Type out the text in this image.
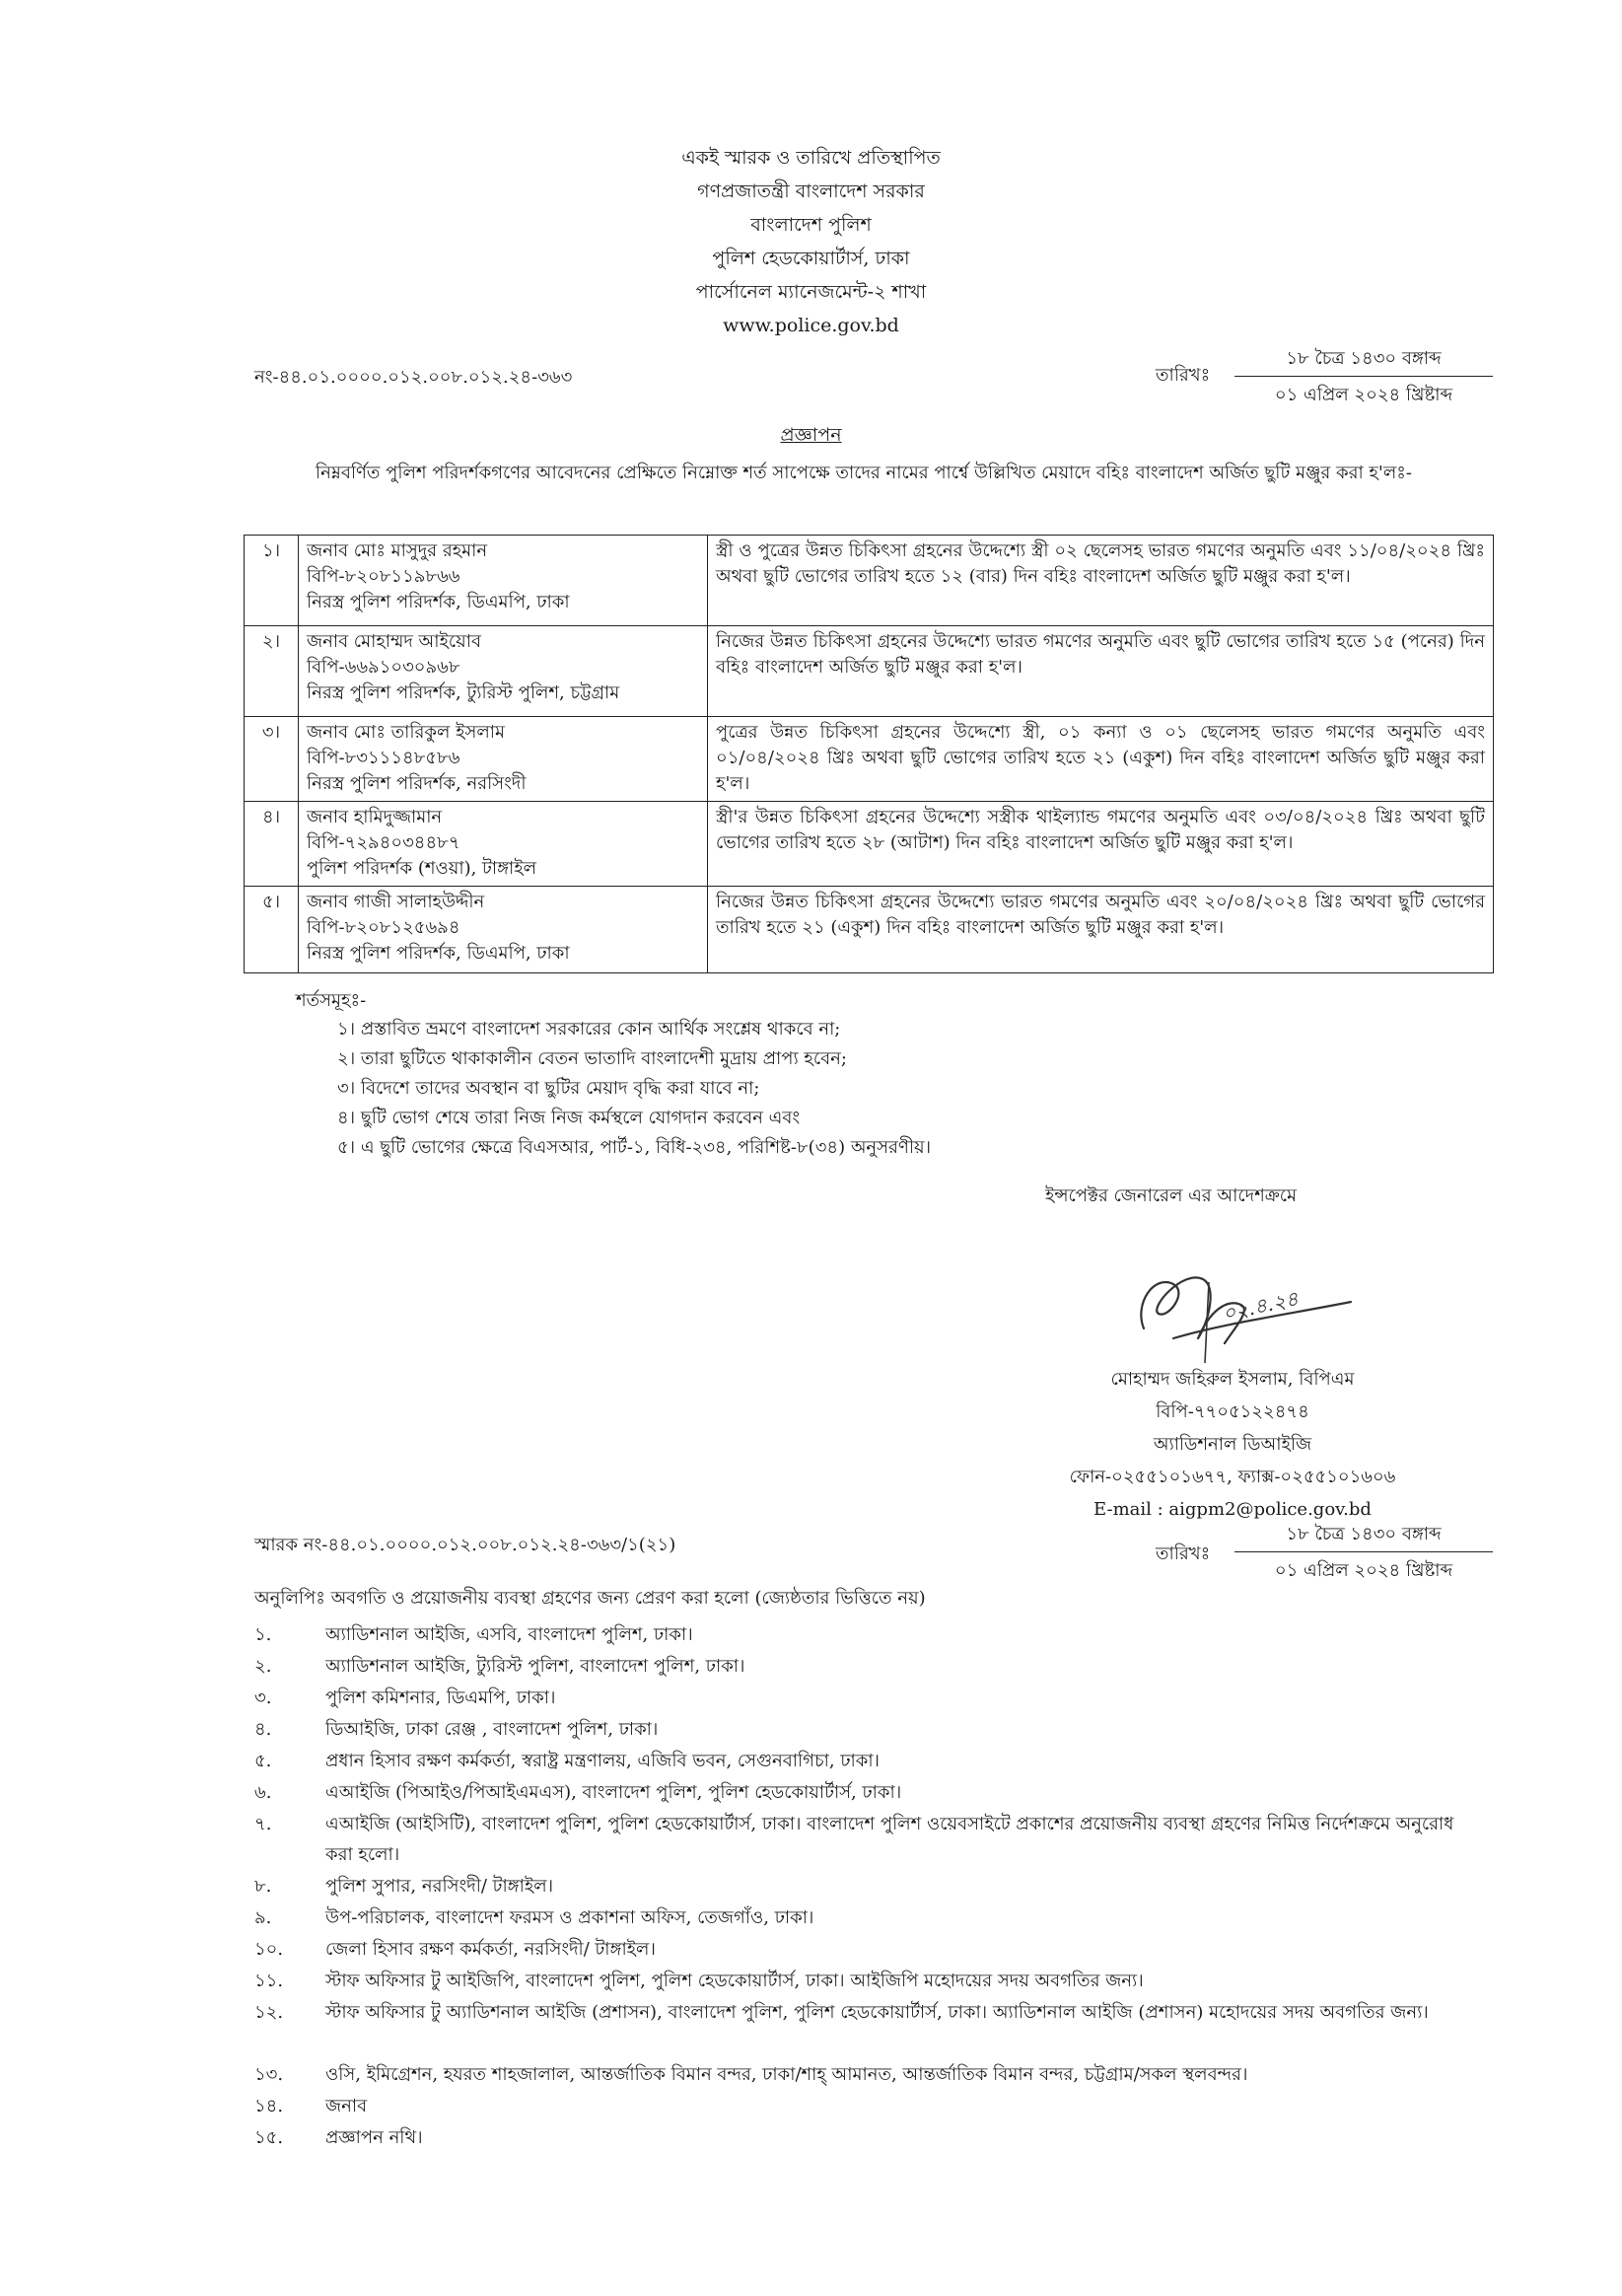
একই স্মারক ও তারিখে প্রতিস্থাপিত
গণপ্রজাতন্ত্রী বাংলাদেশ সরকার
বাংলাদেশ পুলিশ
পুলিশ হেডকোয়ার্টার্স, ঢাকা
পার্সোনেল ম্যানেজমেন্ট-২ শাখা
www.police.gov.bd
নং-৪৪.০১.০০০০.০১২.০০৮.০১২.২৪-৩৬৩	তারিখঃ
১৮ চৈত্র ১৪৩০ বঙ্গাব্দ
০১ এপ্রিল ২০২৪ খ্রিষ্টাব্দ
প্রজ্ঞাপন
নিম্নবর্ণিত পুলিশ পরিদর্শকগণের আবেদনের প্রেক্ষিতে নিম্নোক্ত শর্ত সাপেক্ষে তাদের নামের পার্শ্বে উল্লিখিত মেয়াদে বহিঃ বাংলাদেশ অর্জিত ছুটি মঞ্জুর করা হ'লঃ-
১।	জনাব মোঃ মাসুদুর রহমান
বিপি-৮২০৮১১৯৮৬৬
নিরস্ত্র পুলিশ পরিদর্শক, ডিএমপি, ঢাকা	স্ত্রী ও পুত্রের উন্নত চিকিৎসা গ্রহনের উদ্দেশ্যে স্ত্রী ০২ ছেলেসহ ভারত গমণের অনুমতি এবং ১১/০৪/২০২৪ খ্রিঃ অথবা ছুটি ভোগের তারিখ হতে ১২ (বার) দিন বহিঃ বাংলাদেশ অর্জিত ছুটি মঞ্জুর করা হ'ল।
২।	জনাব মোহাম্মদ আইয়োব
বিপি-৬৬৯১০৩০৯৬৮
নিরস্ত্র পুলিশ পরিদর্শক, ট্যুরিস্ট পুলিশ, চট্টগ্রাম	নিজের উন্নত চিকিৎসা গ্রহনের উদ্দেশ্যে ভারত গমণের অনুমতি এবং ছুটি ভোগের তারিখ হতে ১৫ (পনের) দিন বহিঃ বাংলাদেশ অর্জিত ছুটি মঞ্জুর করা হ'ল।
৩।	জনাব মোঃ তারিকুল ইসলাম
বিপি-৮৩১১১৪৮৫৮৬
নিরস্ত্র পুলিশ পরিদর্শক, নরসিংদী	পুত্রের উন্নত চিকিৎসা গ্রহনের উদ্দেশ্যে স্ত্রী, ০১ কন্যা ও ০১ ছেলেসহ ভারত গমণের অনুমতি এবং ০১/০৪/২০২৪ খ্রিঃ অথবা ছুটি ভোগের তারিখ হতে ২১ (একুশ) দিন বহিঃ বাংলাদেশ অর্জিত ছুটি মঞ্জুর করা হ'ল।
৪।	জনাব হামিদুজ্জামান
বিপি-৭২৯৪০৩৪৪৮৭
পুলিশ পরিদর্শক (শওয়া), টাঙ্গাইল	স্ত্রী'র উন্নত চিকিৎসা গ্রহনের উদ্দেশ্যে সস্ত্রীক থাইল্যান্ড গমণের অনুমতি এবং ০৩/০৪/২০২৪ খ্রিঃ অথবা ছুটি ভোগের তারিখ হতে ২৮ (আটাশ) দিন বহিঃ বাংলাদেশ অর্জিত ছুটি মঞ্জুর করা হ'ল।
৫।	জনাব গাজী সালাহউদ্দীন
বিপি-৮২০৮১২৫৬৯৪
নিরস্ত্র পুলিশ পরিদর্শক, ডিএমপি, ঢাকা	নিজের উন্নত চিকিৎসা গ্রহনের উদ্দেশ্যে ভারত গমণের অনুমতি এবং ২০/০৪/২০২৪ খ্রিঃ অথবা ছুটি ভোগের তারিখ হতে ২১ (একুশ) দিন বহিঃ বাংলাদেশ অর্জিত ছুটি মঞ্জুর করা হ'ল।
শর্তসমূহঃ-
১। প্রস্তাবিত ভ্রমণে বাংলাদেশ সরকারের কোন আর্থিক সংশ্লেষ থাকবে না;
২। তারা ছুটিতে থাকাকালীন বেতন ভাতাদি বাংলাদেশী মুদ্রায় প্রাপ্য হবেন;
৩। বিদেশে তাদের অবস্থান বা ছুটির মেয়াদ বৃদ্ধি করা যাবে না;
৪। ছুটি ভোগ শেষে তারা নিজ নিজ কর্মস্থলে যোগদান করবেন এবং
৫। এ ছুটি ভোগের ক্ষেত্রে বিএসআর, পার্ট-১, বিধি-২৩৪, পরিশিষ্ট-৮(৩৪) অনুসরণীয়।
ইন্সপেক্টর জেনারেল এর আদেশক্রমে
০২.৪.২৪
মোহাম্মদ জহিরুল ইসলাম, বিপিএম
বিপি-৭৭০৫১২২৪৭৪
অ্যাডিশনাল ডিআইজি
ফোন-০২৫৫১০১৬৭৭, ফ্যাক্স-০২৫৫১০১৬০৬
E-mail : aigpm2@police.gov.bd
স্মারক নং-৪৪.০১.০০০০.০১২.০০৮.০১২.২৪-৩৬৩/১(২১)	তারিখঃ
১৮ চৈত্র ১৪৩০ বঙ্গাব্দ
০১ এপ্রিল ২০২৪ খ্রিষ্টাব্দ
অনুলিপিঃ অবগতি ও প্রয়োজনীয় ব্যবস্থা গ্রহণের জন্য প্রেরণ করা হলো (জ্যেষ্ঠতার ভিত্তিতে নয়)
১.	অ্যাডিশনাল আইজি, এসবি, বাংলাদেশ পুলিশ, ঢাকা।
২.	অ্যাডিশনাল আইজি, ট্যুরিস্ট পুলিশ, বাংলাদেশ পুলিশ, ঢাকা।
৩.	পুলিশ কমিশনার, ডিএমপি, ঢাকা।
৪.	ডিআইজি, ঢাকা রেঞ্জ , বাংলাদেশ পুলিশ, ঢাকা।
৫.	প্রধান হিসাব রক্ষণ কর্মকর্তা, স্বরাষ্ট্র মন্ত্রণালয়, এজিবি ভবন, সেগুনবাগিচা, ঢাকা।
৬.	এআইজি (পিআইও/পিআইএমএস), বাংলাদেশ পুলিশ, পুলিশ হেডকোয়ার্টার্স, ঢাকা।
৭.	এআইজি (আইসিটি), বাংলাদেশ পুলিশ, পুলিশ হেডকোয়ার্টার্স, ঢাকা। বাংলাদেশ পুলিশ ওয়েবসাইটে প্রকাশের প্রয়োজনীয় ব্যবস্থা গ্রহণের নিমিত্ত নির্দেশক্রমে অনুরোধ করা হলো।
৮.	পুলিশ সুপার, নরসিংদী/ টাঙ্গাইল।
৯.	উপ-পরিচালক, বাংলাদেশ ফরমস ও প্রকাশনা অফিস, তেজগাঁও, ঢাকা।
১০.	জেলা হিসাব রক্ষণ কর্মকর্তা, নরসিংদী/ টাঙ্গাইল।
১১.	স্টাফ অফিসার টু আইজিপি, বাংলাদেশ পুলিশ, পুলিশ হেডকোয়ার্টার্স, ঢাকা। আইজিপি মহোদয়ের সদয় অবগতির জন্য।
১২.	স্টাফ অফিসার টু অ্যাডিশনাল আইজি (প্রশাসন), বাংলাদেশ পুলিশ, পুলিশ হেডকোয়ার্টার্স, ঢাকা। অ্যাডিশনাল আইজি (প্রশাসন) মহোদয়ের সদয় অবগতির জন্য।
১৩.	ওসি, ইমিগ্রেশন, হযরত শাহজালাল, আন্তর্জাতিক বিমান বন্দর, ঢাকা/শাহ্ আমানত, আন্তর্জাতিক বিমান বন্দর, চট্টগ্রাম/সকল স্থলবন্দর।
১৪.	জনাব
১৫.	প্রজ্ঞাপন নথি।
